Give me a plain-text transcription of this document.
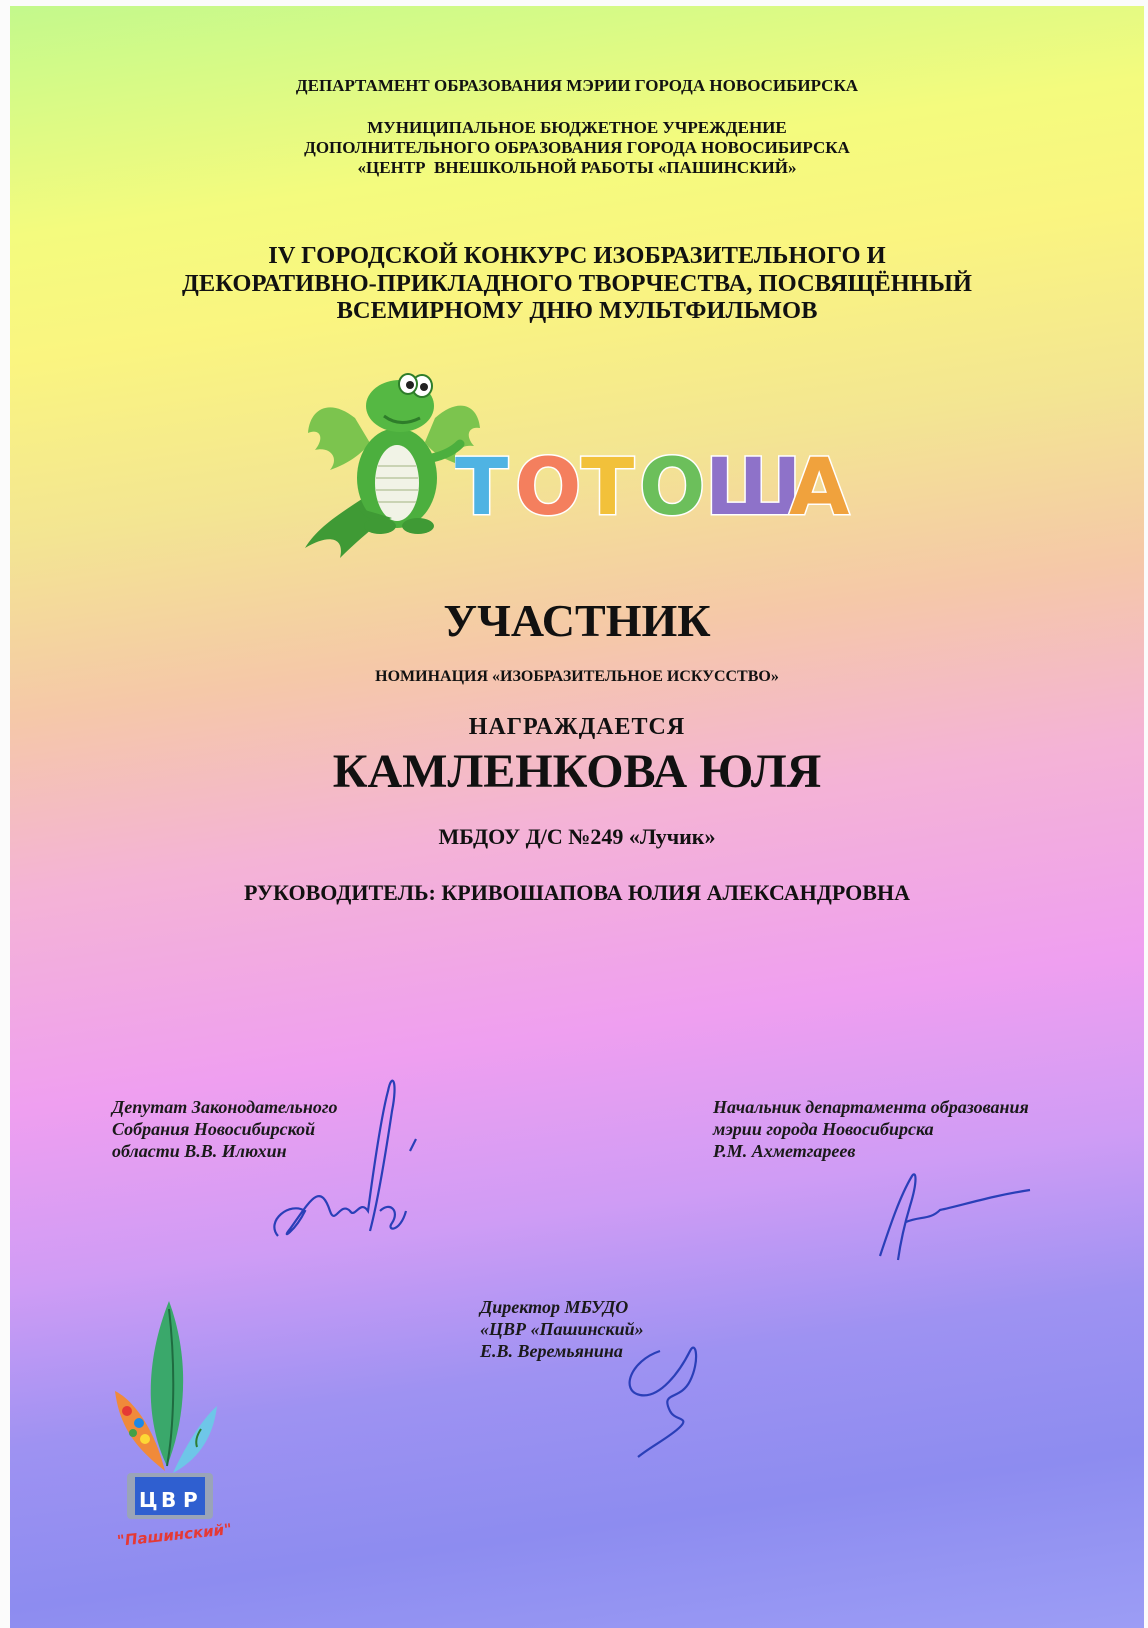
ДЕПАРТАМЕНТ ОБРАЗОВАНИЯ МЭРИИ ГОРОДА НОВОСИБИРСКА

МУНИЦИПАЛЬНОЕ БЮДЖЕТНОЕ УЧРЕЖДЕНИЕ
ДОПОЛНИТЕЛЬНОГО ОБРАЗОВАНИЯ ГОРОДА НОВОСИБИРСКА
«ЦЕНТР  ВНЕШКОЛЬНОЙ РАБОТЫ «ПАШИНСКИЙ»

IV ГОРОДСКОЙ КОНКУРС ИЗОБРАЗИТЕЛЬНОГО И
ДЕКОРАТИВНО-ПРИКЛАДНОГО ТВОРЧЕСТВА, ПОСВЯЩЁННЫЙ
ВСЕМИРНОМУ ДНЮ МУЛЬТФИЛЬМОВ

Т О Т О Ш
А

УЧАСТНИК

НОМИНАЦИЯ «ИЗОБРАЗИТЕЛЬНОЕ ИСКУССТВО»

НАГРАЖДАЕТСЯ

КАМЛЕНКОВА ЮЛЯ

МБДОУ Д/С №249 «Лучик»

РУКОВОДИТЕЛЬ: КРИВОШАПОВА ЮЛИЯ АЛЕКСАНДРОВНА

Депутат Законодательного
Собрания Новосибирской
области В.В. Илюхин

Начальник департамента образования
мэрии города Новосибирска
Р.М. Ахметгареев

Директор МБУДО
«ЦВР «Пашинский»
Е.В. Веремьянина

Ц В Р
"Пашинский"
